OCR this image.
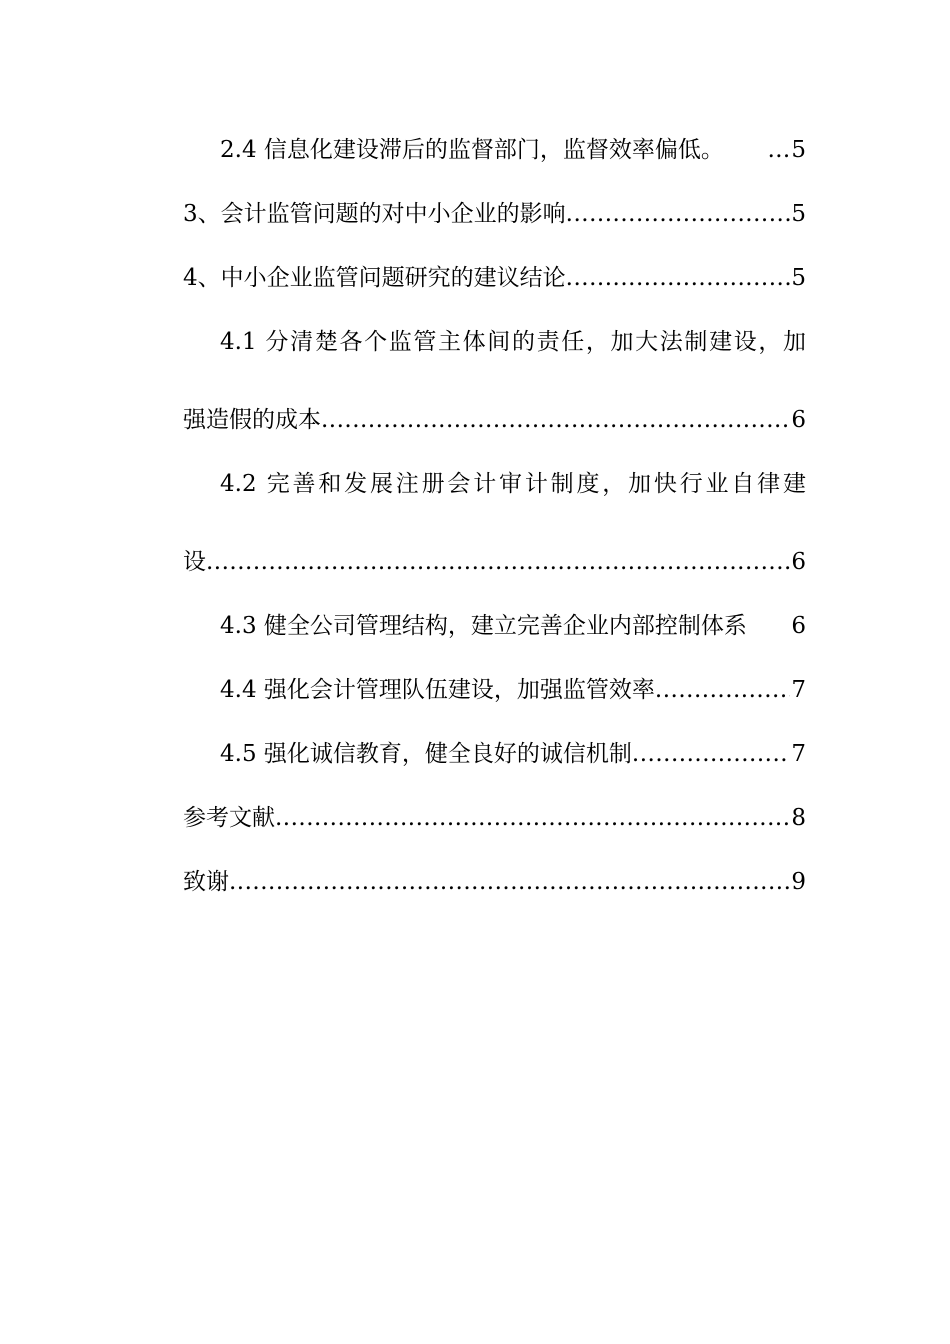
2.4 信息化建设滞后的监督部门，监督效率偏低。	… 5
3、会计监管问题的对中小企业的影响 .....	5
4、中小企业监管问题研究的建议结论 .....	5
4.1 分清楚各个监管主体间的责任，加大法制建设，加
强造假的成本 .....	6
4.2 完善和发展注册会计审计制度，加快行业自律建
设 .....	6
4.3 健全公司管理结构，建立完善企业内部控制体系 6
4.4 强化会计管理队伍建设，加强监管效率 .....	7
4.5 强化诚信教育，健全良好的诚信机制 .....	7
参考文献 .....	8
致谢 .....	9
